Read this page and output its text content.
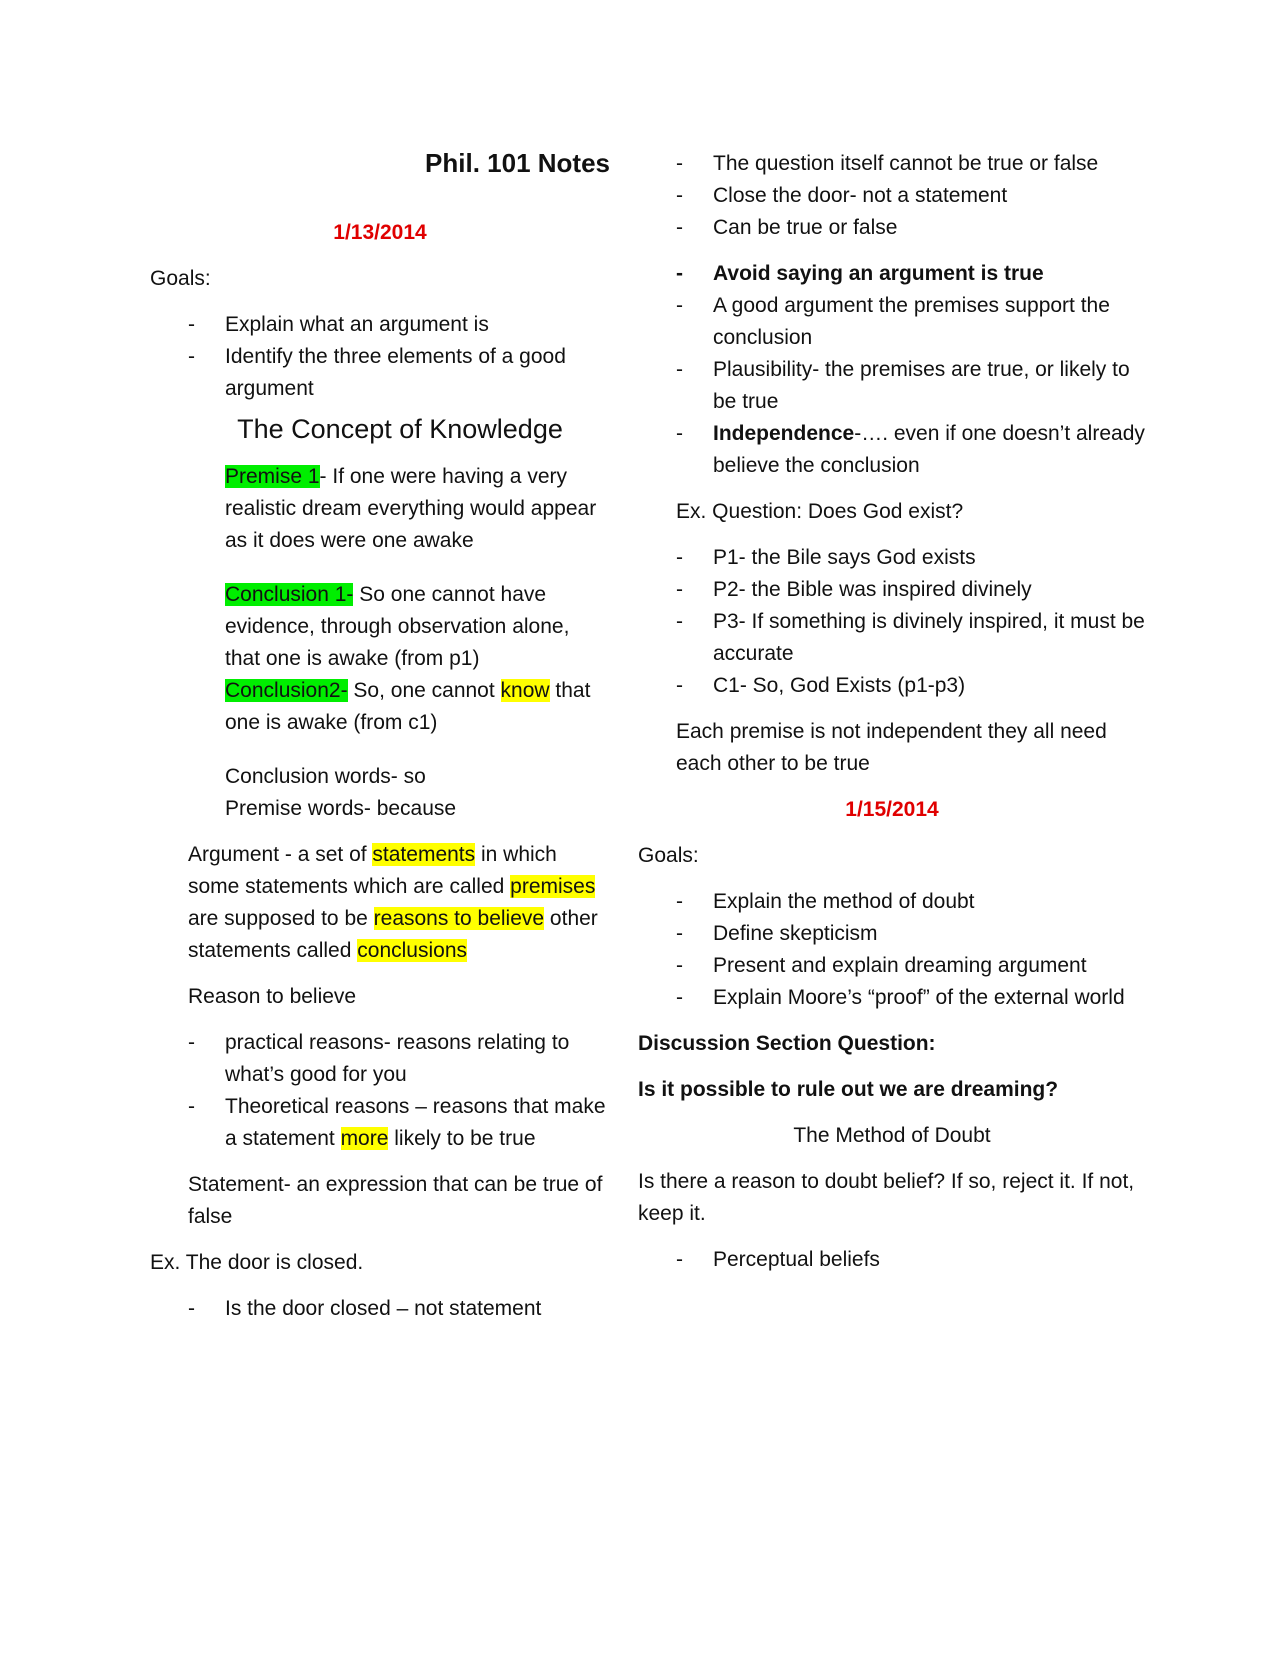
Phil. 101 Notes

1/13/2014

Goals:

- Explain what an argument is
- Identify the three elements of a good argument

The Concept of Knowledge

Premise 1- If one were having a very realistic dream everything would appear as it does were one awake

Conclusion 1- So one cannot have evidence, through observation alone, that one is awake (from p1)

Conclusion2- So, one cannot know that one is awake (from c1)

Conclusion words- so

Premise words- because

Argument - a set of statements in which some statements which are called premises are supposed to be reasons to believe other statements called conclusions

Reason to believe

- practical reasons- reasons relating to what’s good for you
- Theoretical reasons – reasons that make a statement more likely to be true

Statement- an expression that can be true of false

Ex. The door is closed.

- Is the door closed – not statement
- The question itself cannot be true or false
- Close the door- not a statement
- Can be true or false
- Avoid saying an argument is true
- A good argument the premises support the conclusion
- Plausibility- the premises are true, or likely to be true
- Independence-…. even if one doesn’t already believe the conclusion

Ex. Question: Does God exist?

- P1- the Bile says God exists
- P2- the Bible was inspired divinely
- P3- If something is divinely inspired, it must be accurate
- C1- So, God Exists (p1-p3)

Each premise is not independent they all need each other to be true

1/15/2014

Goals:

- Explain the method of doubt
- Define skepticism
- Present and explain dreaming argument
- Explain Moore’s “proof” of the external world

Discussion Section Question:

Is it possible to rule out we are dreaming?

The Method of Doubt

Is there a reason to doubt belief? If so, reject it. If not, keep it.

- Perceptual beliefs
